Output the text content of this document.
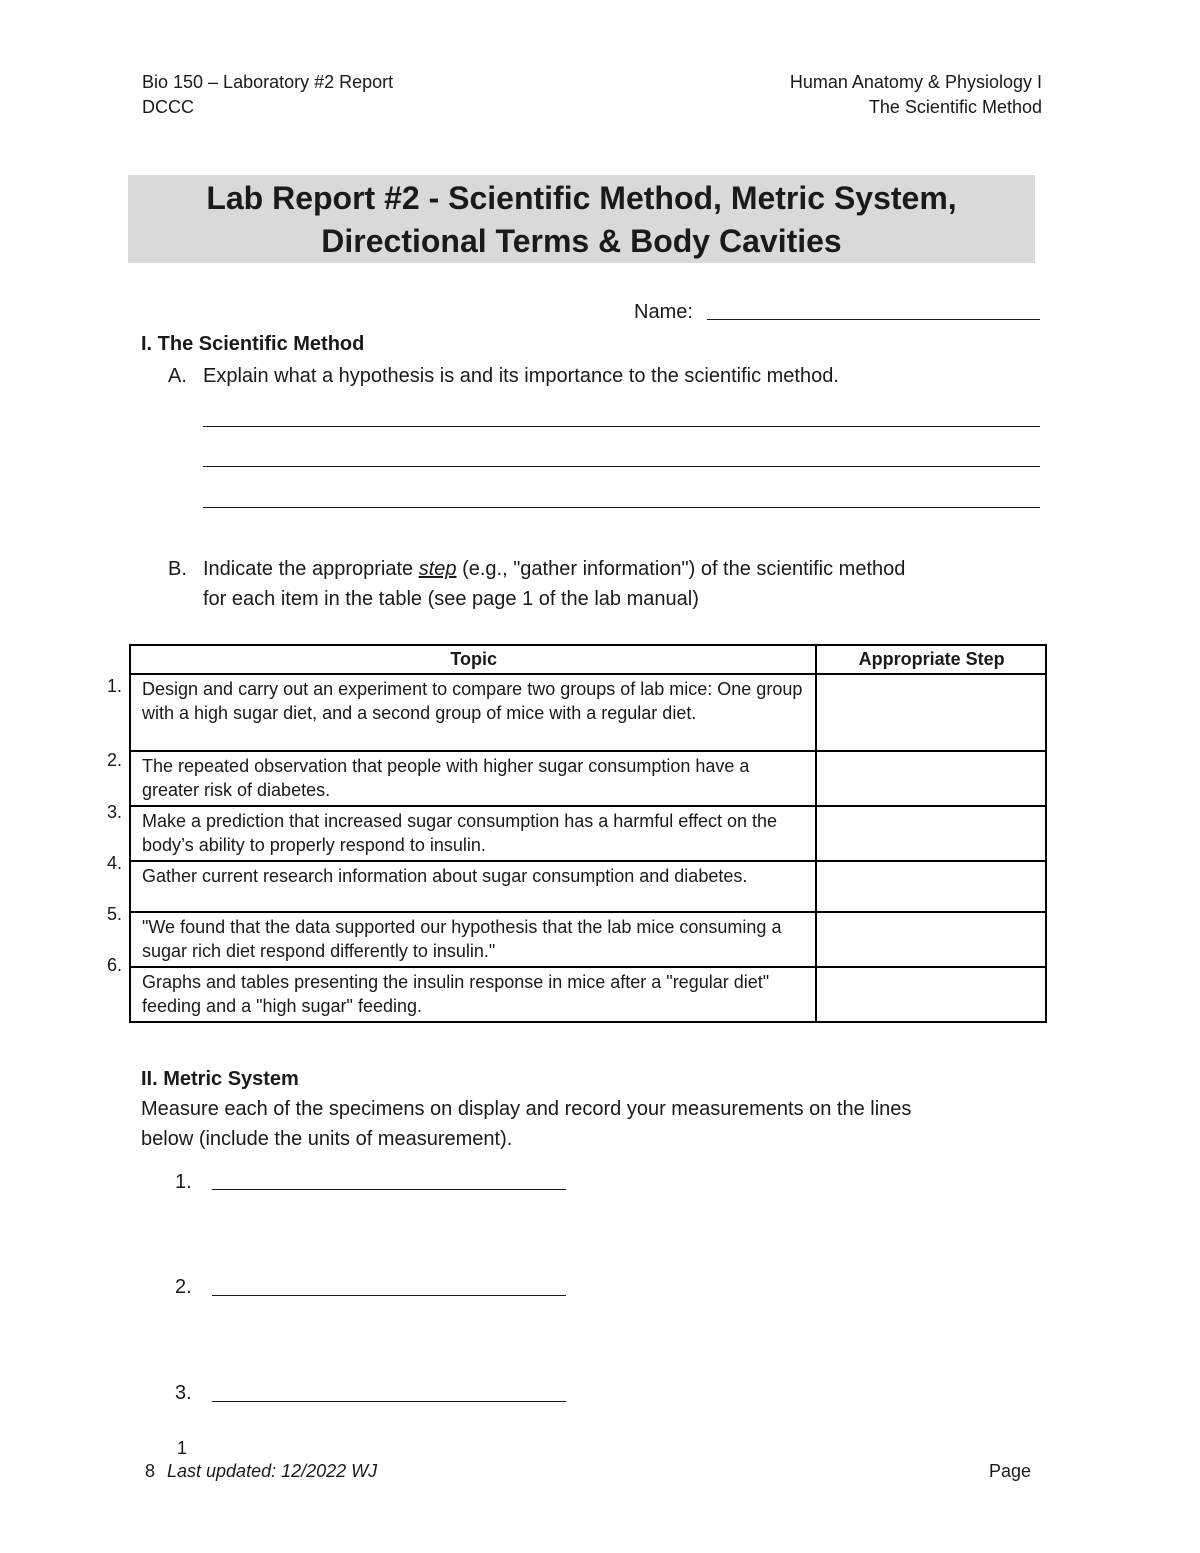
Bio 150 – Laboratory #2 Report
DCCC
Human Anatomy & Physiology I
The Scientific Method
Lab Report #2 - Scientific Method, Metric System,
Directional Terms & Body Cavities
Name:
I. The Scientific Method
A. Explain what a hypothesis is and its importance to the scientific method.
B. Indicate the appropriate step (e.g., "gather information") of the scientific method
for each item in the table (see page 1 of the lab manual)
Topic	Appropriate Step
Design and carry out an experiment to compare two groups of lab mice: One group with a high sugar diet, and a second group of mice with a regular diet.	
The repeated observation that people with higher sugar consumption have a greater risk of diabetes.	
Make a prediction that increased sugar consumption has a harmful effect on the body’s ability to properly respond to insulin.	
Gather current research information about sugar consumption and diabetes.	
"We found that the data supported our hypothesis that the lab mice consuming a sugar rich diet respond differently to insulin."	
Graphs and tables presenting the insulin response in mice after a "regular diet" feeding and a "high sugar" feeding.	
1.
2.
3.
4.
5.
6.
II. Metric System
Measure each of the specimens on display and record your measurements on the lines
below (include the units of measurement).
1.
2.
3.
1
8 Last updated: 12/2022 WJ	Page
